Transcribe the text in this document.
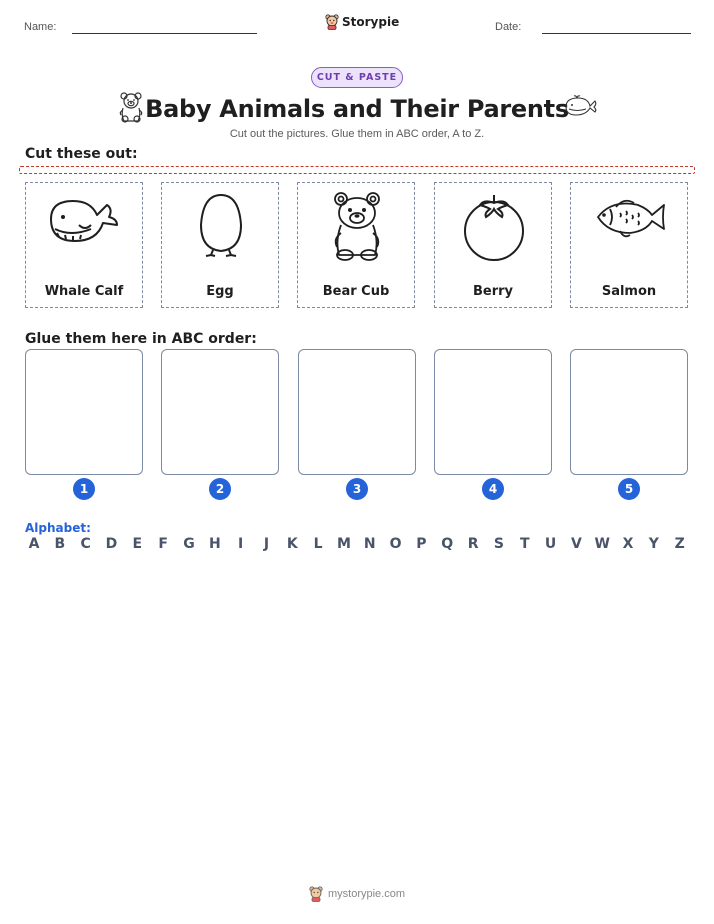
Name:	Storypie	Date:
CUT & PASTE
Baby Animals and Their Parents
Cut out the pictures. Glue them in ABC order, A to Z.
Cut these out:
Whale Calf	Egg	Bear Cub	Berry	Salmon
Glue them here in ABC order:
1	2	3	4	5
Alphabet:
A B C D	E	F	G H	I	J	K	L	M N O P Q R S	T	U V W X Y Z
mystorypie.com
